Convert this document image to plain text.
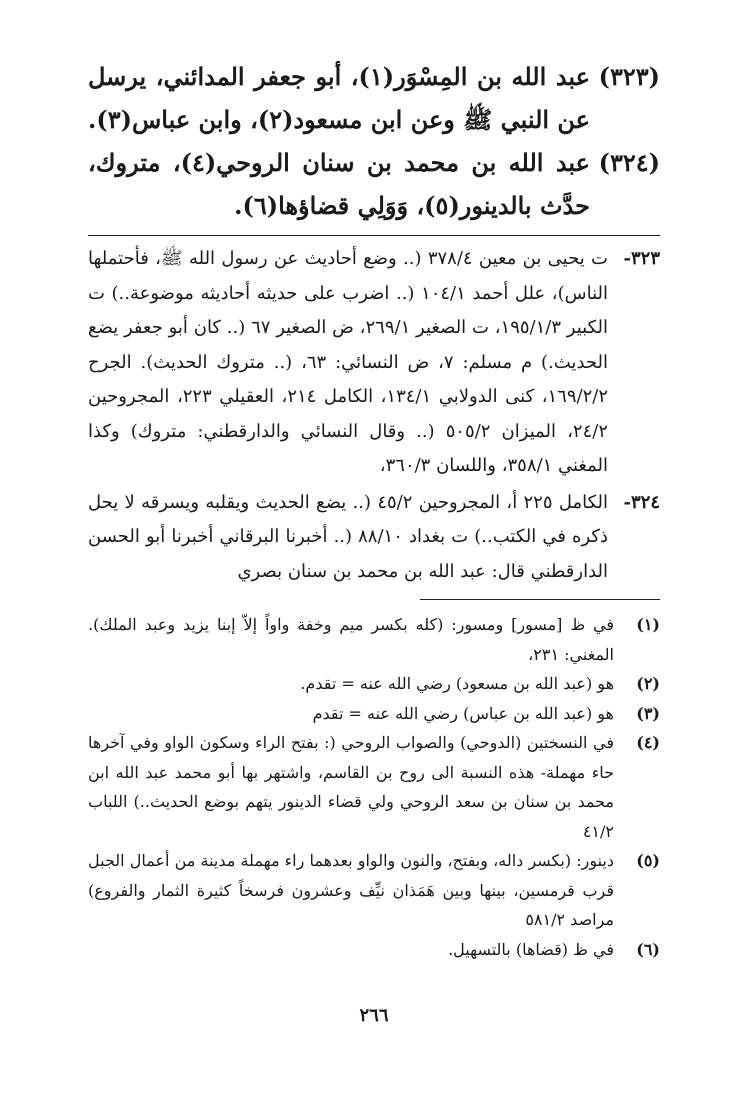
(٣٢٣)
عبد الله بن المِسْوَر(١)، أبو جعفر المدائني، يرسل عن النبي ﷺ وعن ابن مسعود(٢)، وابن عباس(٣).
(٣٢٤)
عبد الله بن محمد بن سنان الروحي(٤)، متروك، حدَّث بالدينور(٥)، وَوَلِي قضاؤها(٦).
٣٢٣-
ت يحيى بن معين ٣٧٨/٤ (.. وضع أحاديث عن رسول الله ﷺ، فأحتملها الناس)، علل أحمد ١٠٤/١ (.. اضرب على حديثه أحاديثه موضوعة..) ت الكبير ١٩٥/١/٣، ت الصغير ٢٦٩/١، ض الصغير ٦٧ (.. كان أبو جعفر يضع الحديث.) م مسلم: ٧، ض النسائي: ٦٣، (.. متروك الحديث). الجرح ١٦٩/٢/٢، كنى الدولابي ١٣٤/١، الكامل ٢١٤، العقيلي ٢٢٣، المجروحين ٢٤/٢، الميزان ٥٠٥/٢ (.. وقال النسائي والدارقطني: متروك) وكذا المغني ٣٥٨/١، واللسان ٣٦٠/٣،
٣٢٤-
الكامل ٢٢٥ أ، المجروحين ٤٥/٢ (.. يضع الحديث ويقلبه ويسرقه لا يحل ذكره في الكتب..) ت بغداد ٨٨/١٠ (.. أخبرنا البرقاني أخبرنا أبو الحسن الدارقطني قال: عبد الله بن محمد بن سنان بصري
(١)
في ظ [مسور] ومسور: (كله بكسر ميم وخفة واواً إلاّ إبنا يزيد وعبد الملك). المغني: ٢٣١،
(٢)
هو (عبد الله بن مسعود) رضي الله عنه = تقدم.
(٣)
هو (عبد الله بن عباس) رضي الله عنه = تقدم
(٤)
في النسختين (الدوحي) والصواب الروحي (: بفتح الراء وسكون الواو وفي آخرها حاء مهملة- هذه النسبة الى روح بن القاسم، واشتهر بها أبو محمد عبد الله ابن محمد بن سنان بن سعد الروحي ولي قضاء الدينور يتهم بوضع الحديث..) اللباب ٤١/٢
(٥)
دينور: (بكسر داله، وبفتح، والنون والواو بعدهما راء مهملة مدينة من أعمال الجبل قرب قرمسين، بينها وبين هَمَذان نيِّف وعشرون فرسخاً كثيرة الثمار والفروع) مراصد ٥٨١/٢
(٦)
في ظ (قضاها) بالتسهيل.
٢٦٦
